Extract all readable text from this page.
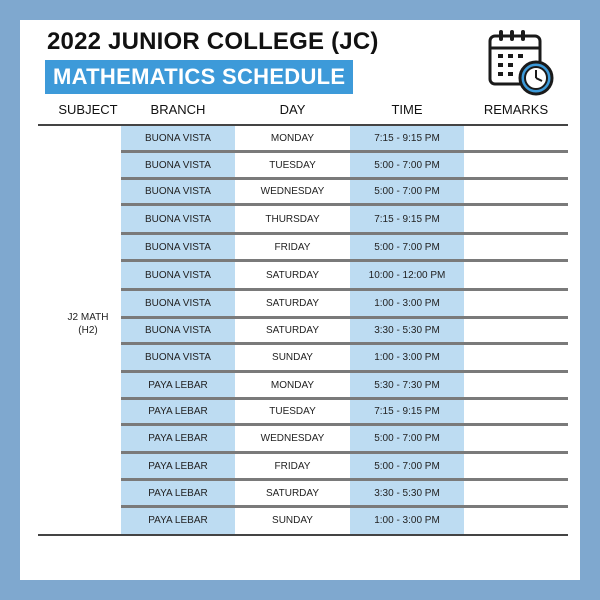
2022 JUNIOR COLLEGE (JC)
MATHEMATICS SCHEDULE
SUBJECT	BRANCH	DAY	TIME	REMARKS
J2 MATH
(H2)
BUONA VISTA	MONDAY	7:15 - 9:15 PM
BUONA VISTA	TUESDAY	5:00 - 7:00 PM
BUONA VISTA	WEDNESDAY	5:00 - 7:00 PM
BUONA VISTA	THURSDAY	7:15 - 9:15 PM
BUONA VISTA	FRIDAY	5:00 - 7:00 PM
BUONA VISTA	SATURDAY	10:00 - 12:00 PM
BUONA VISTA	SATURDAY	1:00 - 3:00 PM
BUONA VISTA	SATURDAY	3:30 - 5:30 PM
BUONA VISTA	SUNDAY	1:00 - 3:00 PM
PAYA LEBAR	MONDAY	5:30 - 7:30 PM
PAYA LEBAR	TUESDAY	7:15 - 9:15 PM
PAYA LEBAR	WEDNESDAY	5:00 - 7:00 PM
PAYA LEBAR	FRIDAY	5:00 - 7:00 PM
PAYA LEBAR	SATURDAY	3:30 - 5:30 PM
PAYA LEBAR	SUNDAY	1:00 - 3:00 PM
